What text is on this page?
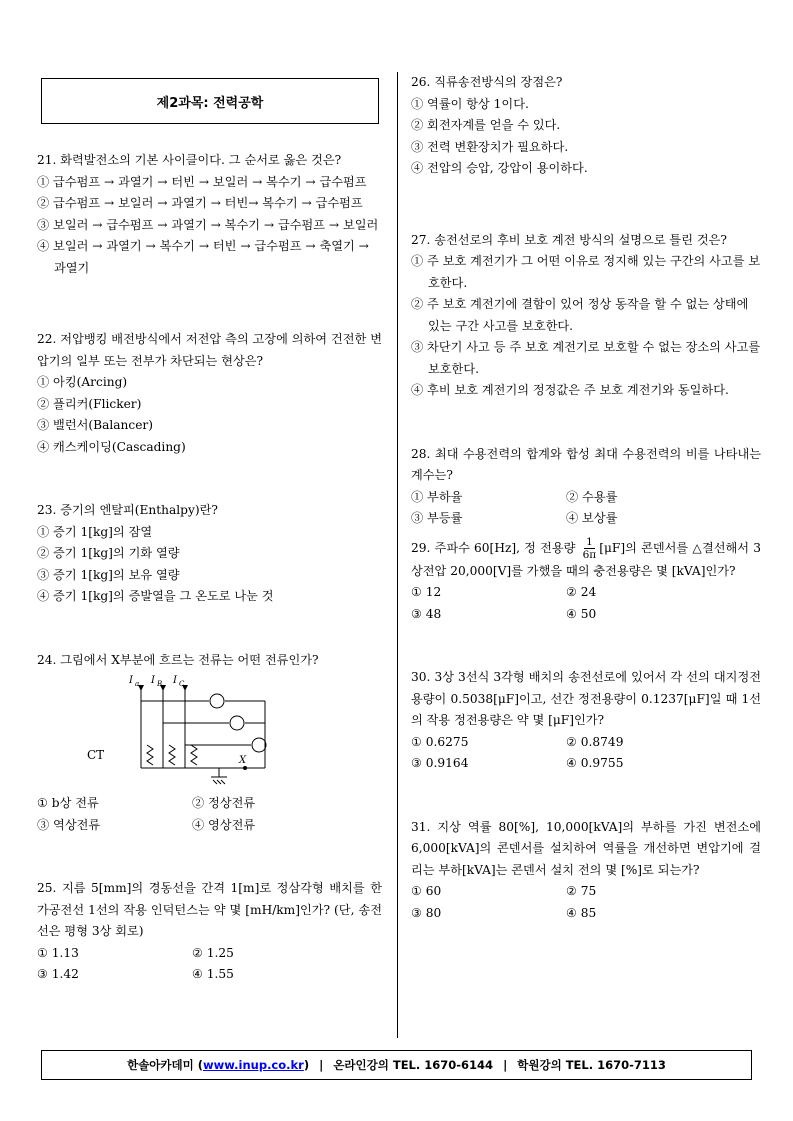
제2과목: 전력공학

21. 화력발전소의 기본 사이클이다. 그 순서로 옳은 것은?

① 급수펌프 → 과열기 → 터빈 → 보일러 → 복수기 → 급수펌프

② 급수펌프 → 보일러 → 과열기 → 터빈→ 복수기 → 급수펌프

③ 보일러 → 급수펌프 → 과열기 → 복수기 → 급수펌프 → 보일러

④ 보일러 → 과열기 → 복수기 → 터빈 → 급수펌프 → 축열기 → 과열기

22. 저압뱅킹 배전방식에서 저전압 측의 고장에 의하여 건전한 변압기의 일부 또는 전부가 차단되는 현상은?

① 아킹(Arcing)

② 플리커(Flicker)

③ 밸런서(Balancer)

④ 캐스케이딩(Cascading)

23. 증기의 엔탈피(Enthalpy)란?

① 증기 1[kg]의 잠열

② 증기 1[kg]의 기화 열량

③ 증기 1[kg]의 보유 열량

④ 증기 1[kg]의 증발열을 그 온도로 나눈 것

24. 그림에서 X부분에 흐르는 전류는 어떤 전류인가?

I a I B I C
X
CT
① b상 전류	② 정상전류
③ 역상전류	④ 영상전류

25. 지름 5[mm]의 경동선을 간격 1[m]로 정삼각형 배치를 한 가공전선 1선의 작용 인덕턴스는 약 몇 [mH/km]인가? (단, 송전선은 평형 3상 회로)

① 1.13	② 1.25
③ 1.42	④ 1.55

26. 직류송전방식의 장점은?

① 역률이 항상 1이다.

② 회전자계를 얻을 수 있다.

③ 전력 변환장치가 필요하다.

④ 전압의 승압, 강압이 용이하다.

27. 송전선로의 후비 보호 계전 방식의 설명으로 틀린 것은?

① 주 보호 계전기가 그 어떤 이유로 정지해 있는 구간의 사고를 보호한다.

② 주 보호 계전기에 결함이 있어 정상 동작을 할 수 없는 상태에 있는 구간 사고를 보호한다.

③ 차단기 사고 등 주 보호 계전기로 보호할 수 없는 장소의 사고를 보호한다.

④ 후비 보호 계전기의 정정값은 주 보호 계전기와 동일하다.

28. 최대 수용전력의 합계와 합성 최대 수용전력의 비를 나타내는 계수는?

① 부하율	② 수용률
③ 부등률	④ 보상률

29. 주파수 60[Hz], 정 전용량 $\frac{1}{6\pi} [\mu F]$의 콘덴서를 △결선해서 3상전압 20,000[V]를 가했을 때의 충전용량은 몇 [kVA]인가?

① 12	② 24
③ 48	④ 50

30. 3상 3선식 3각형 배치의 송전선로에 있어서 각 선의 대지정전용량이 0.5038[μF]이고, 선간 정전용량이 0.1237[μF]일 때 1선의 작용 정전용량은 약 몇 [μF]인가?

① 0.6275	② 0.8749
③ 0.9164	④ 0.9755

31. 지상 역률 80[%], 10,000[kVA]의 부하를 가진 변전소에 6,000[kVA]의 콘덴서를 설치하여 역률을 개선하면 변압기에 걸리는 부하[kVA]는 콘덴서 설치 전의 몇 [%]로 되는가?

① 60	② 75
③ 80	④ 85
한솔아카데미 (www.inup.co.kr) | 온라인강의 TEL. 1670-6144 | 학원강의 TEL. 1670-7113
